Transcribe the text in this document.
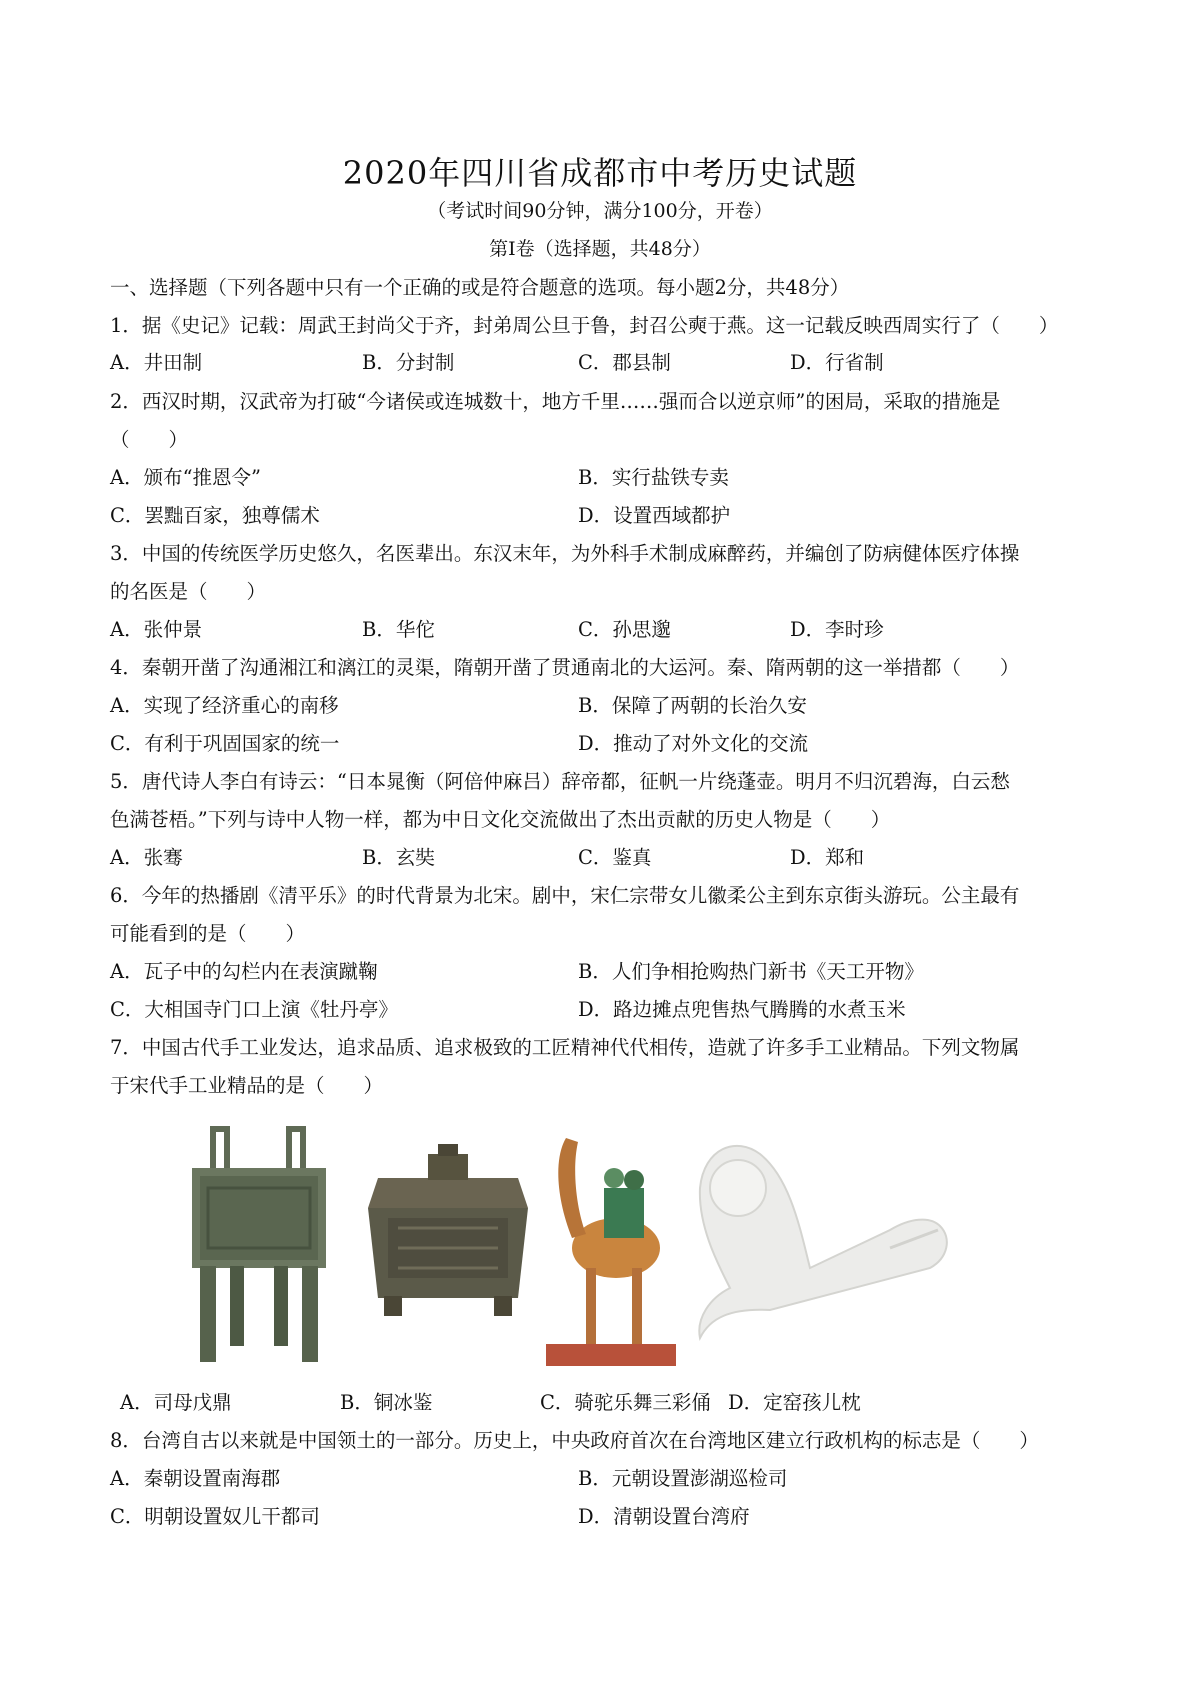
2020年四川省成都市中考历史试题
（考试时间90分钟，满分100分，开卷）
第Ⅰ卷（选择题，共48分）
一、选择题（下列各题中只有一个正确的或是符合题意的选项。每小题2分，共48分）
1．据《史记》记载：周武王封尚父于齐，封弟周公旦于鲁，封召公奭于燕。这一记载反映西周实行了（　　）
A．井田制	B．分封制	C．郡县制	D．行省制
2．西汉时期，汉武帝为打破“今诸侯或连城数十，地方千里……强而合以逆京师”的困局，采取的措施是
（　　）
A．颁布“推恩令”	B．实行盐铁专卖
C．罢黜百家，独尊儒术	D．设置西域都护
3．中国的传统医学历史悠久，名医辈出。东汉末年，为外科手术制成麻醉药，并编创了防病健体医疗体操
的名医是（　　）
A．张仲景	B．华佗	C．孙思邈	D．李时珍
4．秦朝开凿了沟通湘江和漓江的灵渠，隋朝开凿了贯通南北的大运河。秦、隋两朝的这一举措都（　　）
A．实现了经济重心的南移	B．保障了两朝的长治久安
C．有利于巩固国家的统一	D．推动了对外文化的交流
5．唐代诗人李白有诗云：“日本晁衡（阿倍仲麻吕）辞帝都，征帆一片绕蓬壶。明月不归沉碧海，白云愁
色满苍梧。”下列与诗中人物一样，都为中日文化交流做出了杰出贡献的历史人物是（　　）
A．张骞	B．玄奘	C．鉴真	D．郑和
6．今年的热播剧《清平乐》的时代背景为北宋。剧中，宋仁宗带女儿徽柔公主到东京街头游玩。公主最有
可能看到的是（　　）
A．瓦子中的勾栏内在表演蹴鞠	B．人们争相抢购热门新书《天工开物》
C．大相国寺门口上演《牡丹亭》	D．路边摊点兜售热气腾腾的水煮玉米
7．中国古代手工业发达，追求品质、追求极致的工匠精神代代相传，造就了许多手工业精品。下列文物属
于宋代手工业精品的是（　　）
A．司母戊鼎	B．铜冰鉴	C．骑驼乐舞三彩俑 D．定窑孩儿枕
8．台湾自古以来就是中国领土的一部分。历史上，中央政府首次在台湾地区建立行政机构的标志是（　　）
A．秦朝设置南海郡	B．元朝设置澎湖巡检司
C．明朝设置奴儿干都司	D．清朝设置台湾府
